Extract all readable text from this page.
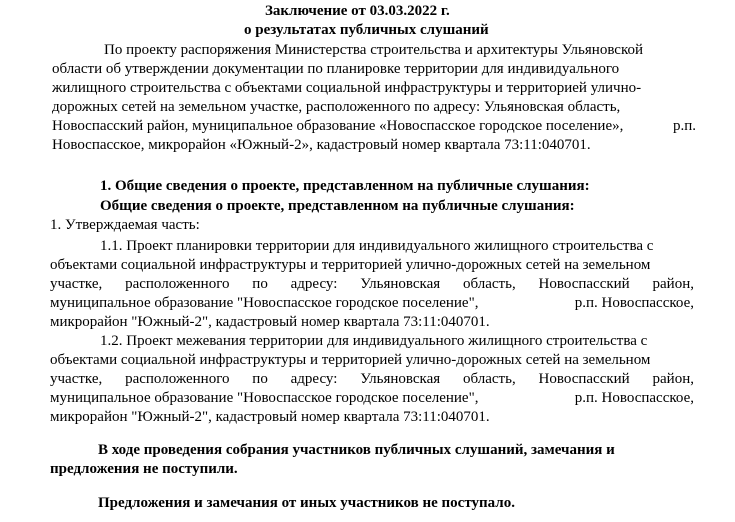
Заключение от 03.03.2022 г.
о результатах публичных слушаний
По проекту распоряжения Министерства строительства и архитектуры Ульяновской
области об утверждении документации по планировке территории для индивидуального
жилищного строительства с объектами социальной инфраструктуры и территорией улично-
дорожных сетей на земельном участке, расположенного по адресу: Ульяновская область,
Новоспасский район, муниципальное образование «Новоспасское городское поселение»,	р.п.
Новоспасское, микрорайон «Южный-2», кадастровый номер квартала 73:11:040701.
1. Общие сведения о проекте, представленном на публичные слушания:
Общие сведения о проекте, представленном на публичные слушания:
1. Утверждаемая часть:
1.1. Проект планировки территории для индивидуального жилищного строительства с
объектами социальной инфраструктуры и территорией улично-дорожных сетей на земельном
участке, расположенного по адресу: Ульяновская область, Новоспасский район,
муниципальное образование "Новоспасское городское поселение",	р.п. Новоспасское,
микрорайон "Южный-2", кадастровый номер квартала 73:11:040701.
1.2. Проект межевания территории для индивидуального жилищного строительства с
объектами социальной инфраструктуры и территорией улично-дорожных сетей на земельном
участке, расположенного по адресу: Ульяновская область, Новоспасский район,
муниципальное образование "Новоспасское городское поселение",	р.п. Новоспасское,
микрорайон "Южный-2", кадастровый номер квартала 73:11:040701.
В ходе проведения собрания участников публичных слушаний, замечания и
предложения не поступили.
Предложения и замечания от иных участников не поступало.
